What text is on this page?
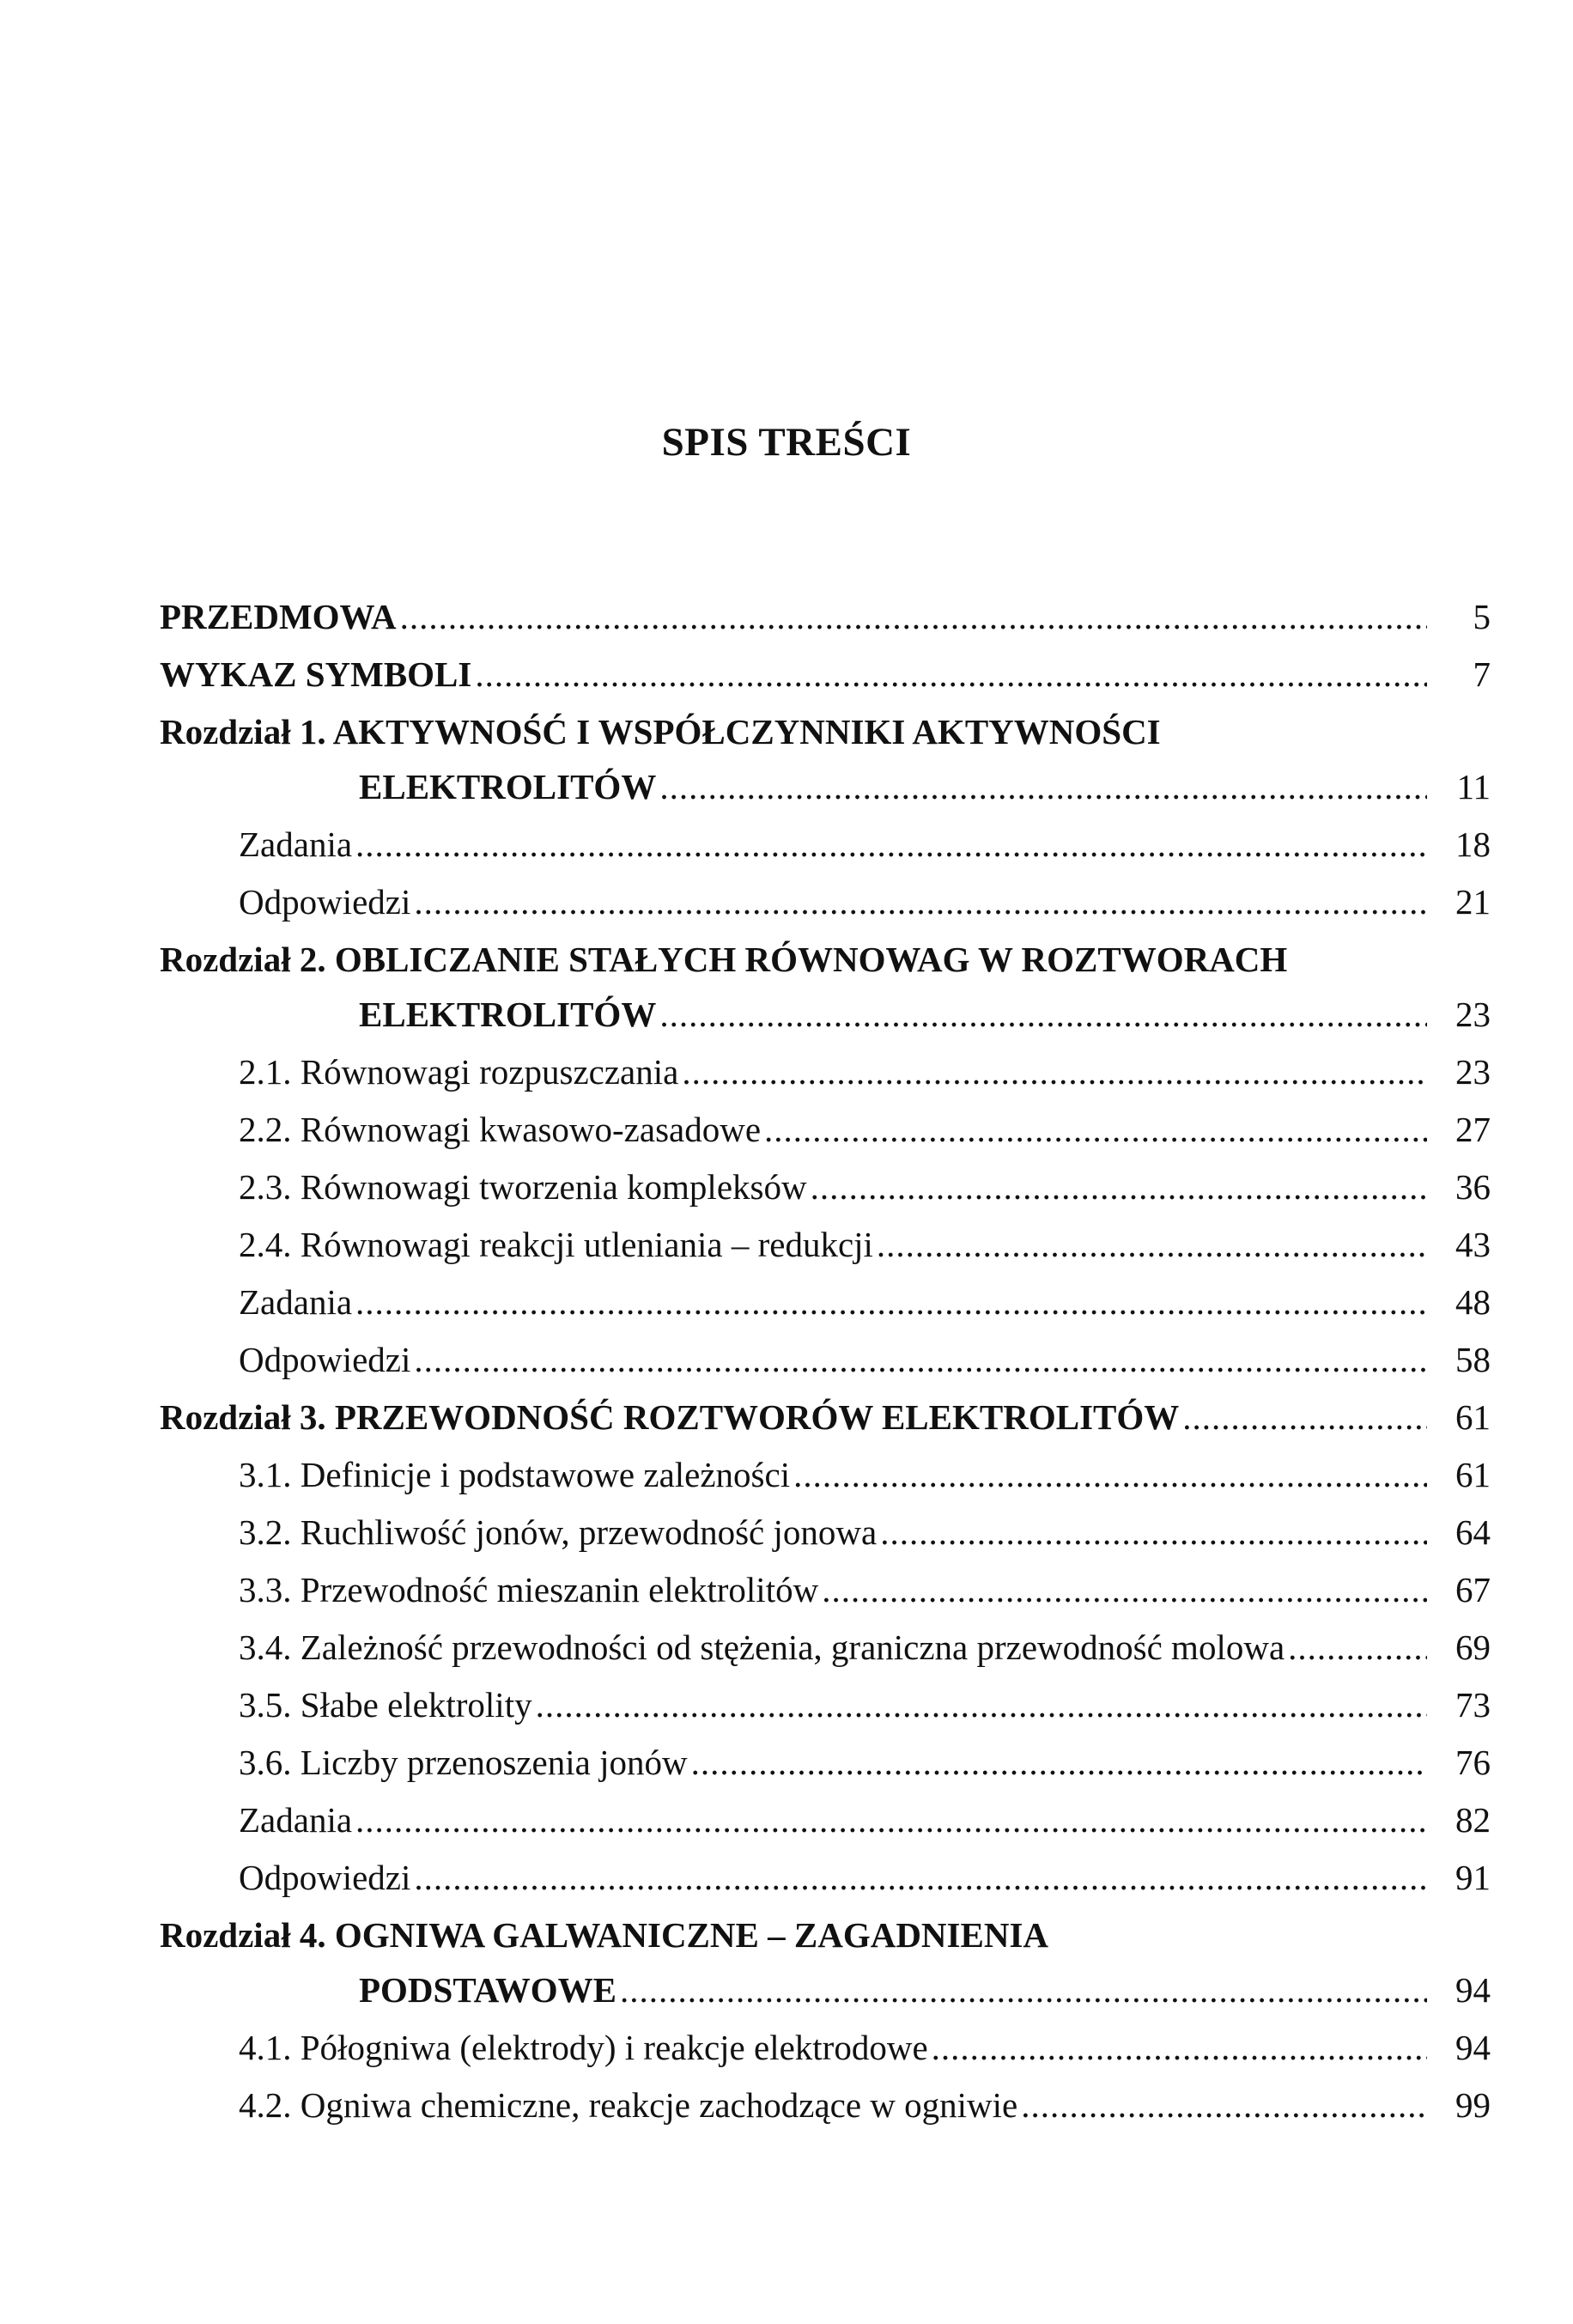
SPIS TREŚCI
PRZEDMOWA .....	5
WYKAZ SYMBOLI .....	7
Rozdział 1. AKTYWNOŚĆ I WSPÓŁCZYNNIKI AKTYWNOŚCI
ELEKTROLITÓW .....	11
Zadania .....	18
Odpowiedzi .....	21
Rozdział 2. OBLICZANIE STAŁYCH RÓWNOWAG W ROZTWORACH
ELEKTROLITÓW .....	23
2.1. Równowagi rozpuszczania .....	23
2.2. Równowagi kwasowo-zasadowe .....	27
2.3. Równowagi tworzenia kompleksów .....	36
2.4. Równowagi reakcji utleniania – redukcji .....	43
Zadania .....	48
Odpowiedzi .....	58
Rozdział 3. PRZEWODNOŚĆ ROZTWORÓW ELEKTROLITÓW .....	61
3.1. Definicje i podstawowe zależności .....	61
3.2. Ruchliwość jonów, przewodność jonowa .....	64
3.3. Przewodność mieszanin elektrolitów .....	67
3.4. Zależność przewodności od stężenia, graniczna przewodność molowa .....	69
3.5. Słabe elektrolity .....	73
3.6. Liczby przenoszenia jonów .....	76
Zadania .....	82
Odpowiedzi .....	91
Rozdział 4. OGNIWA GALWANICZNE – ZAGADNIENIA
PODSTAWOWE .....	94
4.1. Półogniwa (elektrody) i reakcje elektrodowe .....	94
4.2. Ogniwa chemiczne, reakcje zachodzące w ogniwie .....	99
